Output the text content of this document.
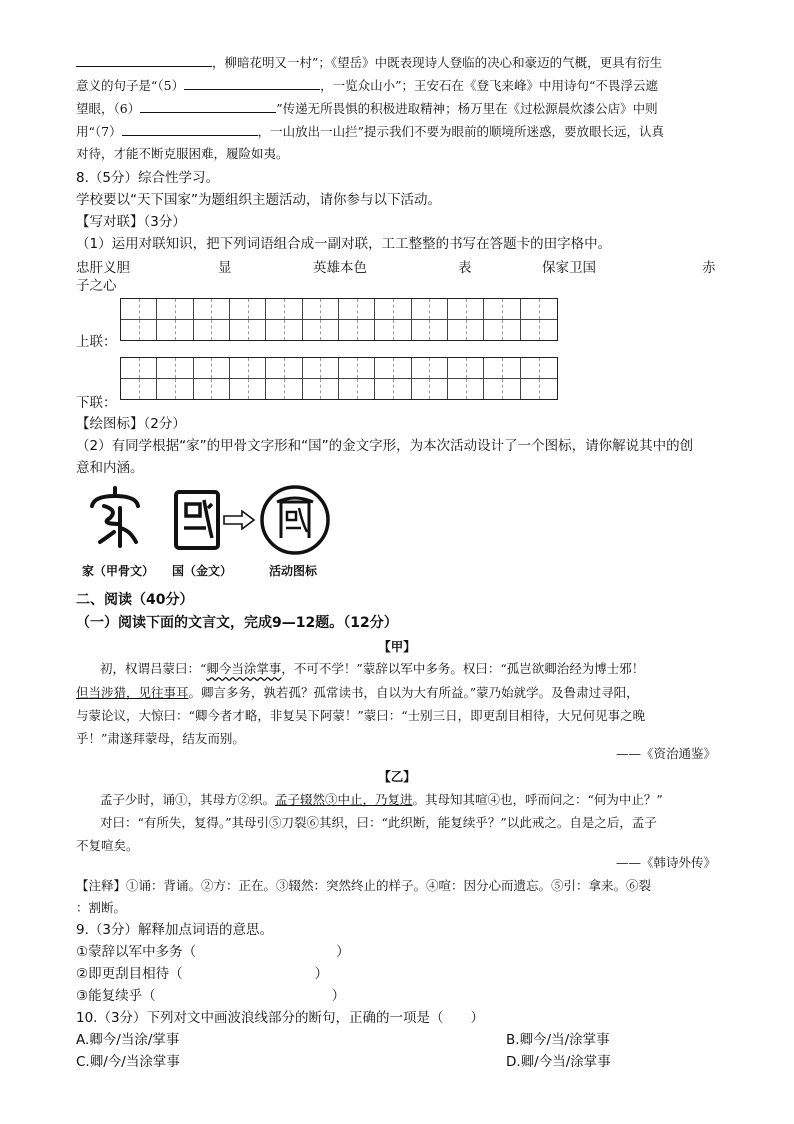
，柳暗花明又一村”；《望岳》中既表现诗人登临的决心和豪迈的气概，更具有衍生
意义的句子是“（5）	，一览众山小”；王安石在《登飞来峰》中用诗句“不畏浮云遮
望眼，（6）	”传递无所畏惧的积极进取精神；杨万里在《过松源晨炊漆公店》中则
用“（7）	，一山放出一山拦”提示我们不要为眼前的顺境所迷惑，要放眼长远，认真
对待，才能不断克服困难，履险如夷。
8.（5分）综合性学习。
学校要以“天下国家”为题组织主题活动，请你参与以下活动。
【写对联】（3分）
（1）运用对联知识，把下列词语组合成一副对联，工工整整的书写在答题卡的田字格中。
忠肝义胆	显	英雄本色	表	保家卫国	赤
子之心
上联：
下联：
【绘图标】（2分）
（2）有同学根据“家”的甲骨文字形和“国”的金文字形，为本次活动设计了一个图标，请你解说其中的创
意和内涵。
家（甲骨文） 国（金文）	活动图标
二、阅读（40分）
（一）阅读下面的文言文，完成9—12题。（12分）
【甲】
初，权谓吕蒙曰：“卿今当涂掌事，不可不学！”蒙辞以军中多务。权曰：“孤岂欲卿治经为博士邪！
但当涉猎，见往事耳。卿言多务，孰若孤？孤常读书，自以为大有所益。”蒙乃始就学。及鲁肃过寻阳，
与蒙论议，大惊曰：“卿今者才略，非复吴下阿蒙！”蒙曰：“士别三日，即更刮目相待，大兄何见事之晚
乎！”肃遂拜蒙母，结友而别。
——《资治通鉴》
【乙】
孟子少时，诵①，其母方②织。孟子辍然③中止，乃复进。其母知其喧④也，呼而问之：“何为中止？”
对曰：“有所失，复得。”其母引⑤刀裂⑥其织，曰：“此织断，能复续乎？”以此戒之。自是之后，孟子
不复喧矣。
——《韩诗外传》
【注释】①诵：背诵。②方：正在。③辍然：突然终止的样子。④喧：因分心而遗忘。⑤引：拿来。⑥裂
：割断。
9.（3分）解释加点词语的意思。
①蒙辞以军中多务（	）
②即更刮目相待（	）
③能复续乎（	）
10.（3分）下列对文中画波浪线部分的断句，正确的一项是（　　）
A.卿今/当涂/掌事	B.卿今/当/涂掌事
C.卿/今/当涂掌事	D.卿/今当/涂掌事
